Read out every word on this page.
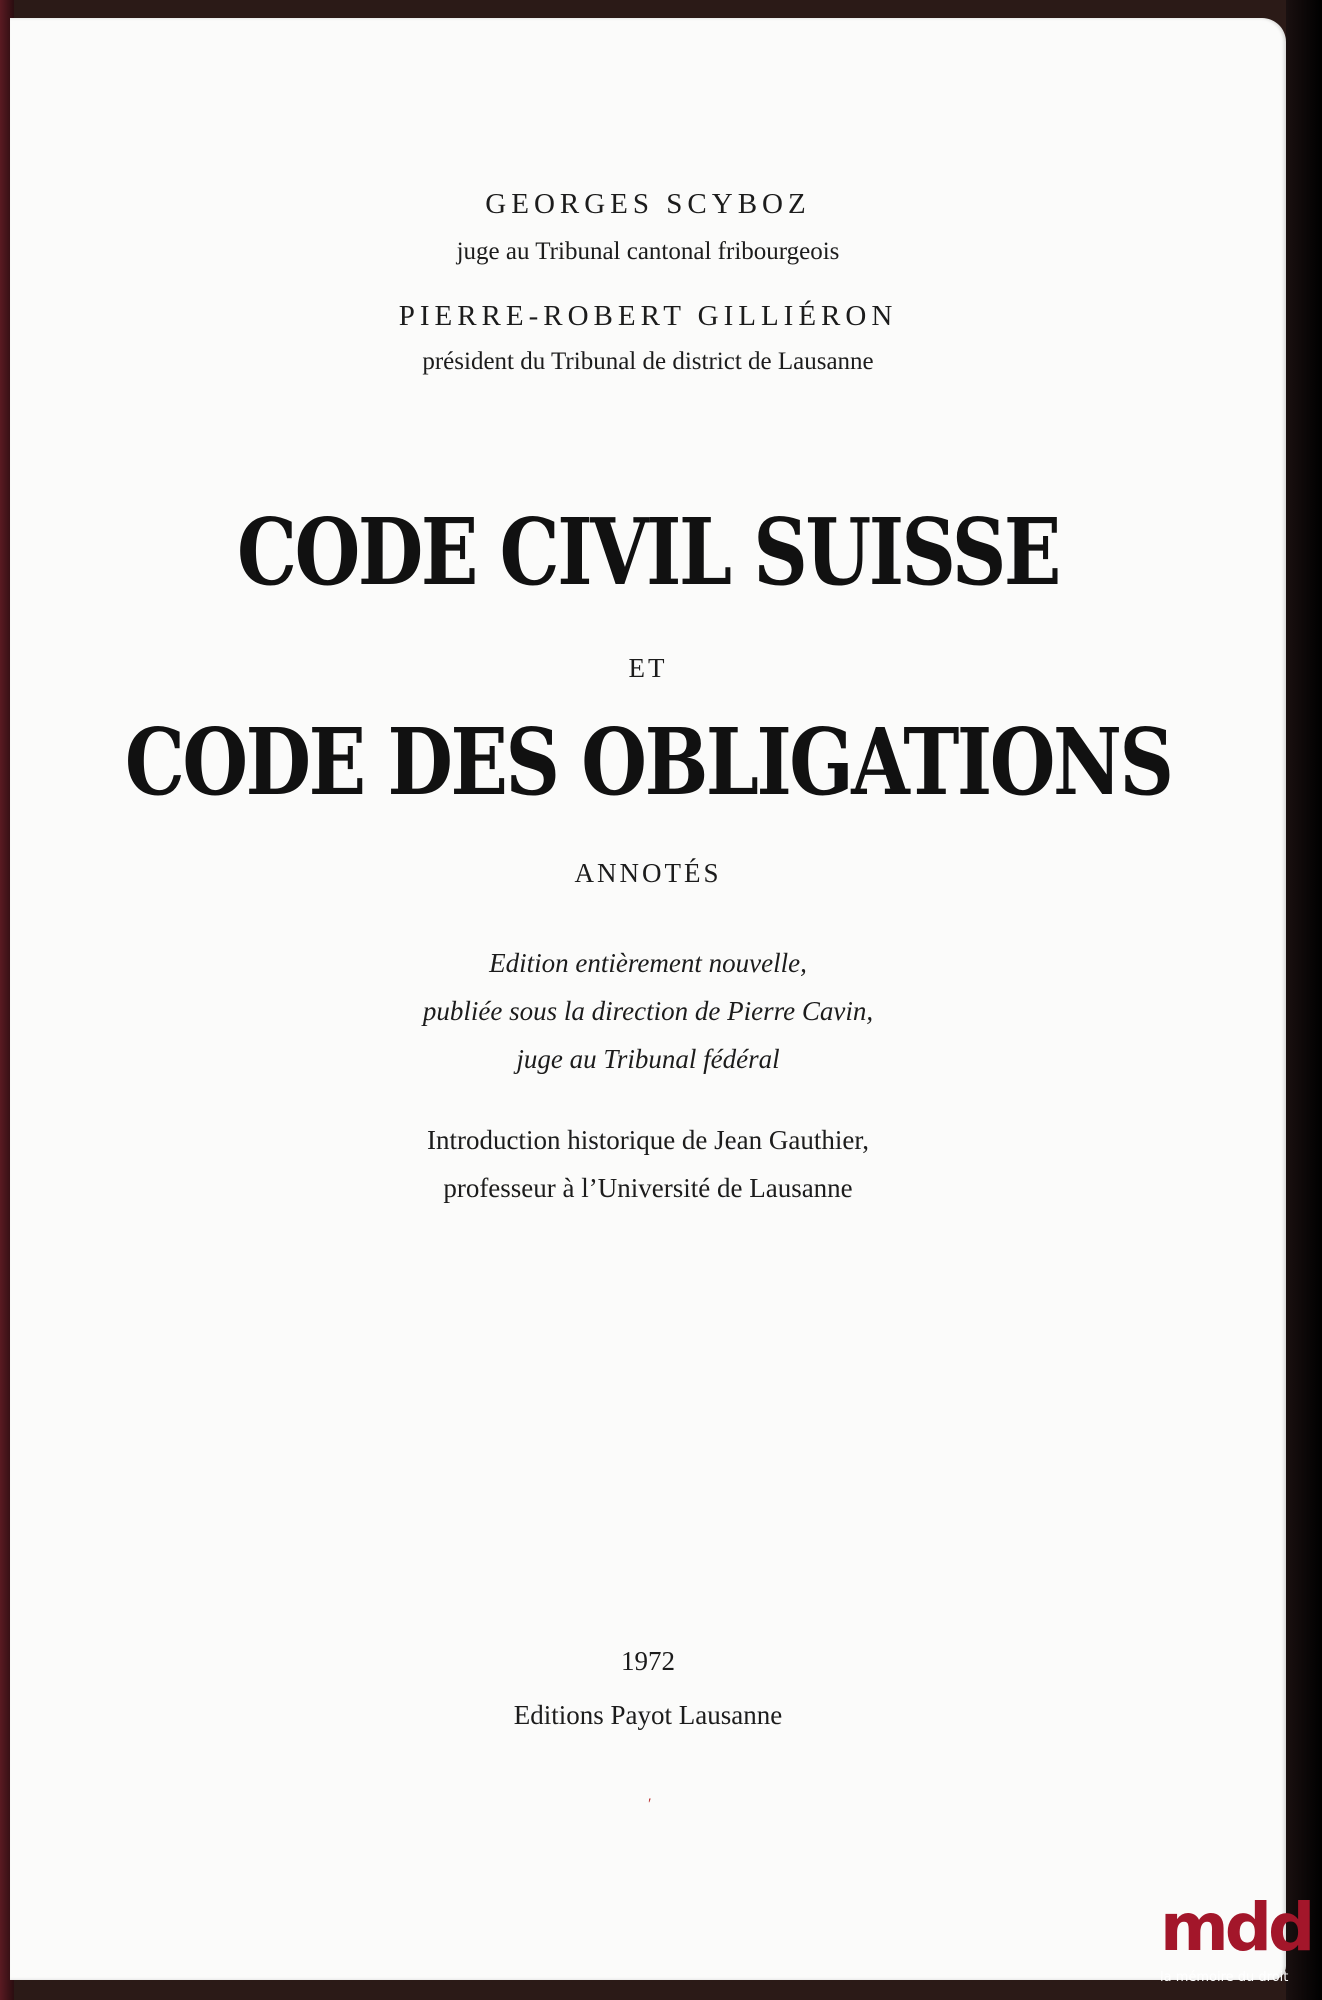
GEORGES SCYBOZ
juge au Tribunal cantonal fribourgeois
PIERRE-ROBERT GILLIÉRON
président du Tribunal de district de Lausanne
CODE CIVIL SUISSE
ET
CODE DES OBLIGATIONS
ANNOTÉS
Edition entièrement nouvelle,
publiée sous la direction de Pierre Cavin,
juge au Tribunal fédéral
Introduction historique de Jean Gauthier,
professeur à l’Université de Lausanne
1972
Editions Payot Lausanne
′
mdd
la mémoire du droit
